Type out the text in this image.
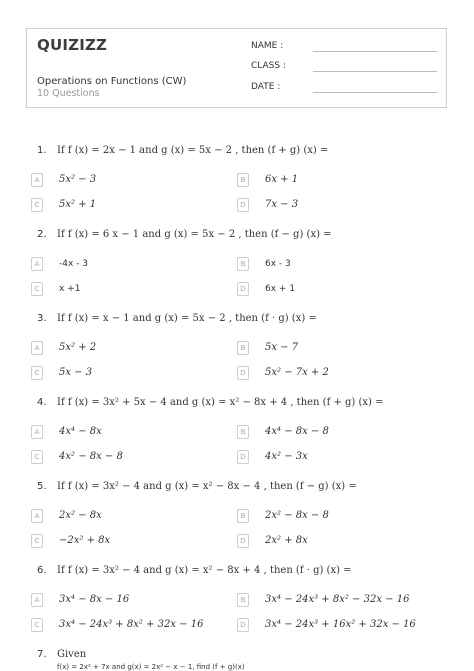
QUIZIZZ
Operations on Functions (CW)
10 Questions
NAME :
CLASS :
DATE :
1. If f (x) = 2x − 1 and g (x) = 5x − 2 , then (f + g) (x) =
A	5x² − 3	B	6x + 1
C	5x² + 1	D	7x − 3
2. If f (x) = 6 x − 1 and g (x) = 5x − 2 , then (f − g) (x) =
A	-4x - 3	B	6x - 3
C	x +1	D	6x + 1
3. If f (x) = x − 1 and g (x) = 5x − 2 , then (f · g) (x) =
A	5x² + 2	B	5x − 7
C	5x − 3	D	5x² − 7x + 2
4. If f (x) = 3x² + 5x − 4 and g (x) = x² − 8x + 4 , then (f + g) (x) =
A	4x⁴ − 8x	B	4x⁴ − 8x − 8
C	4x² − 8x − 8	D	4x² − 3x
5. If f (x) = 3x² − 4 and g (x) = x² − 8x − 4 , then (f − g) (x) =
A	2x² − 8x	B	2x² − 8x − 8
C	−2x² + 8x	D	2x² + 8x
6. If f (x) = 3x² − 4 and g (x) = x² − 8x + 4 , then (f · g) (x) =
A	3x⁴ − 8x − 16	B	3x⁴ − 24x³ + 8x² − 32x − 16
C	3x⁴ − 24x³ + 8x² + 32x − 16	D	3x⁴ − 24x³ + 16x² + 32x − 16
7. Given
f(x) = 2x² + 7x and g(x) = 2x² − x − 1, find (f + g)(x)
